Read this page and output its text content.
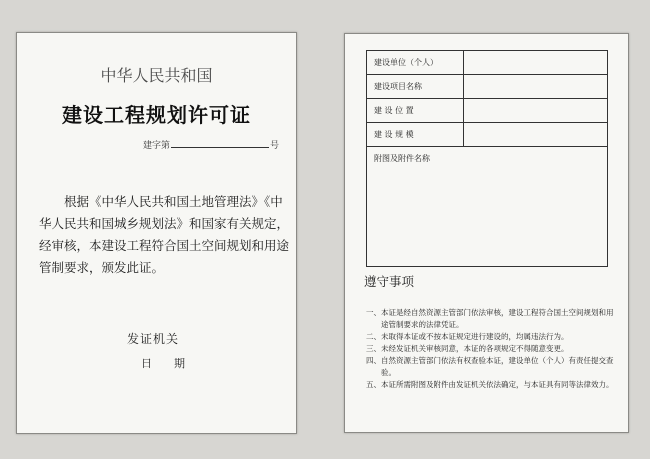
中华人民共和国
建设工程规划许可证
建字第	号

根据《中华人民共和国土地管理法》《中华人民共和国城乡规划法》和国家有关规定，经审核，本建设工程符合国土空间规划和用途管制要求，颁发此证。

发证机关
日 期
建设单位（个人）	
建设项目名称	
建 设 位 置	
建 设 规 模	
附图及附件名称	
遵守事项
一、 本证是经自然资源主管部门依法审核，建设工程符合国土空间规划和用途管制要求的法律凭证。
二、 未取得本证或不按本证规定进行建设的，均属违法行为。
三、 未经发证机关审核同意，本证的各项规定不得随意变更。
四、 自然资源主管部门依法有权查验本证，建设单位（个人）有责任提交查验。
五、 本证所需附图及附件由发证机关依法确定，与本证具有同等法律效力。
